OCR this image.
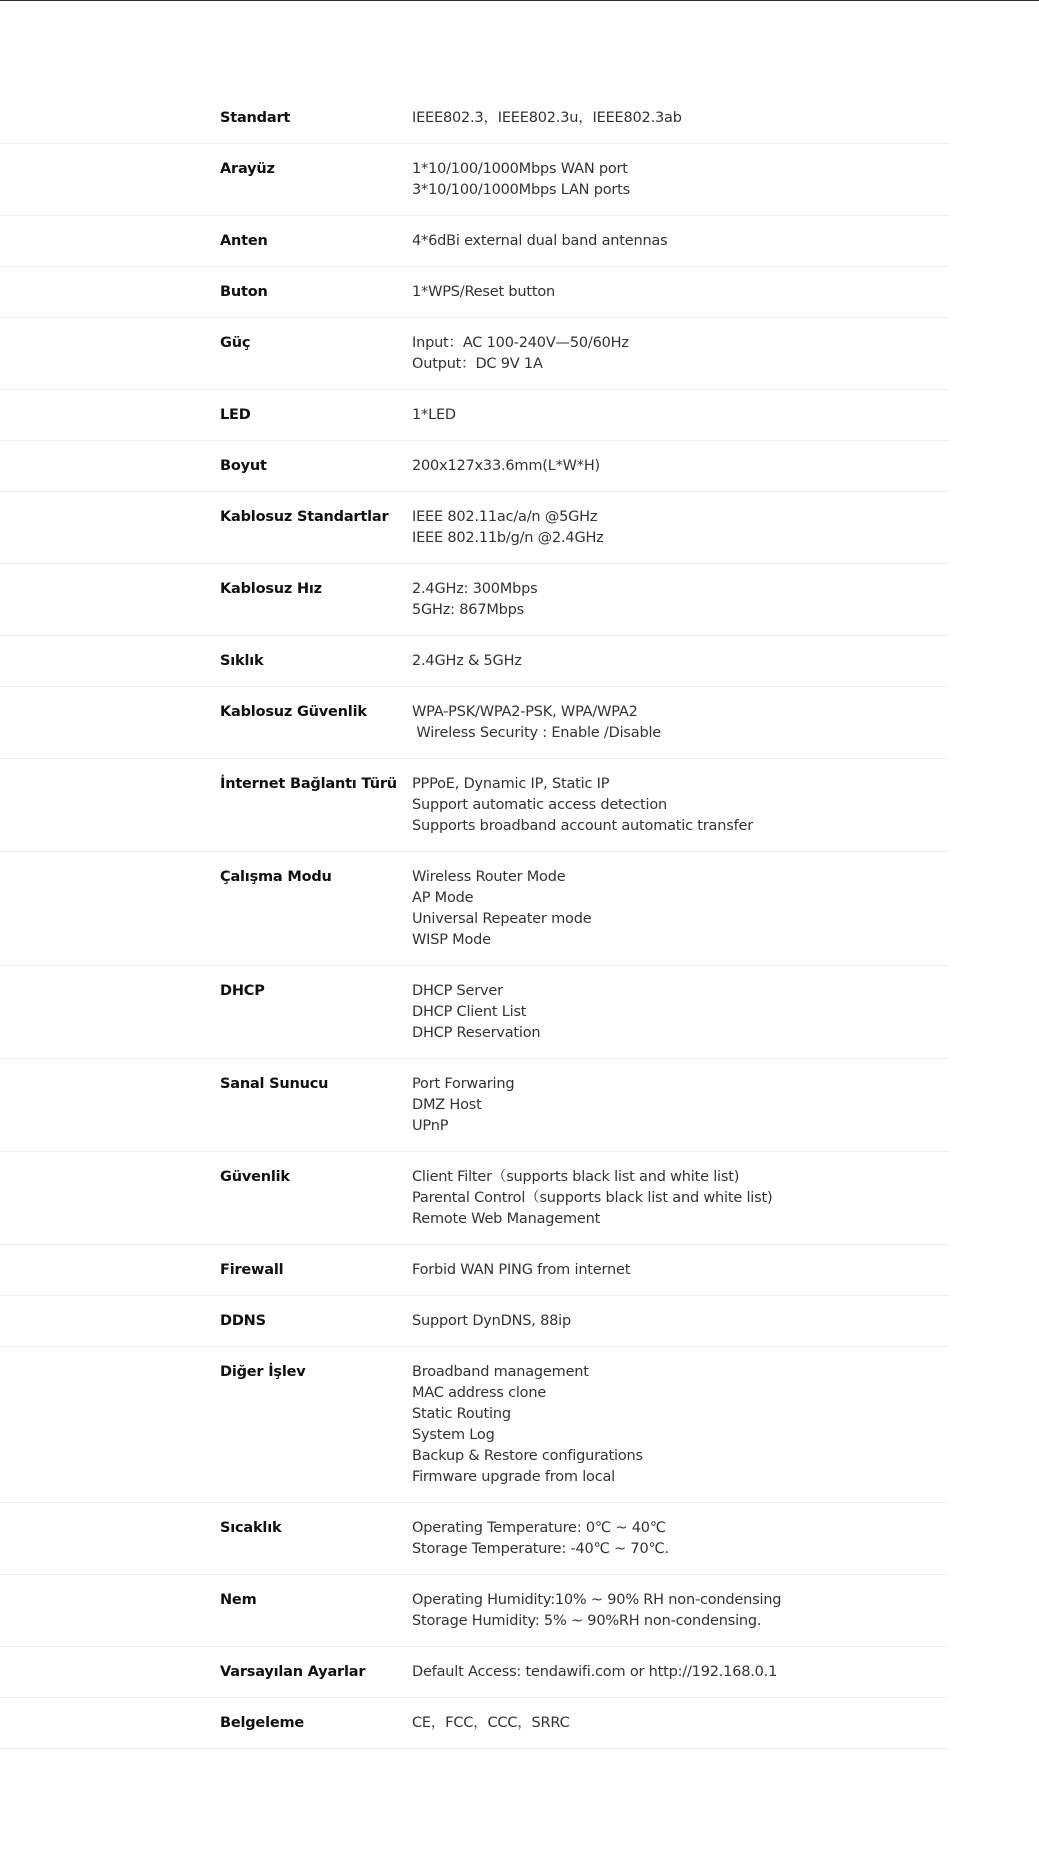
Standart	IEEE802.3，IEEE802.3u，IEEE802.3ab
Arayüz	1*10/100/1000Mbps WAN port
3*10/100/1000Mbps LAN ports
Anten	4*6dBi external dual band antennas
Buton	1*WPS/Reset button
Güç	Input：AC 100-240V—50/60Hz
Output：DC 9V 1A
LED	1*LED
Boyut	200x127x33.6mm(L*W*H)
Kablosuz Standartlar	IEEE 802.11ac/a/n @5GHz
IEEE 802.11b/g/n @2.4GHz
Kablosuz Hız	2.4GHz: 300Mbps
5GHz: 867Mbps
Sıklık	2.4GHz & 5GHz
Kablosuz Güvenlik	WPA-PSK/WPA2-PSK, WPA/WPA2
Wireless Security : Enable /Disable
İnternet Bağlantı Türü	PPPoE, Dynamic IP, Static IP
Support automatic access detection
Supports broadband account automatic transfer
Çalışma Modu	Wireless Router Mode
AP Mode
Universal Repeater mode
WISP Mode
DHCP	DHCP Server
DHCP Client List
DHCP Reservation
Sanal Sunucu	Port Forwaring
DMZ Host
UPnP
Güvenlik	Client Filter（supports black list and white list)
Parental Control（supports black list and white list)
Remote Web Management
Firewall	Forbid WAN PING from internet
DDNS	Support DynDNS, 88ip
Diğer İşlev	Broadband management
MAC address clone
Static Routing
System Log
Backup & Restore configurations
Firmware upgrade from local
Sıcaklık	Operating Temperature: 0℃ ~ 40℃
Storage Temperature: -40℃ ~ 70℃.
Nem	Operating Humidity:10% ~ 90% RH non-condensing
Storage Humidity: 5% ~ 90%RH non-condensing.
Varsayılan Ayarlar	Default Access: tendawifi.com or http://192.168.0.1
Belgeleme	CE，FCC，CCC，SRRC
